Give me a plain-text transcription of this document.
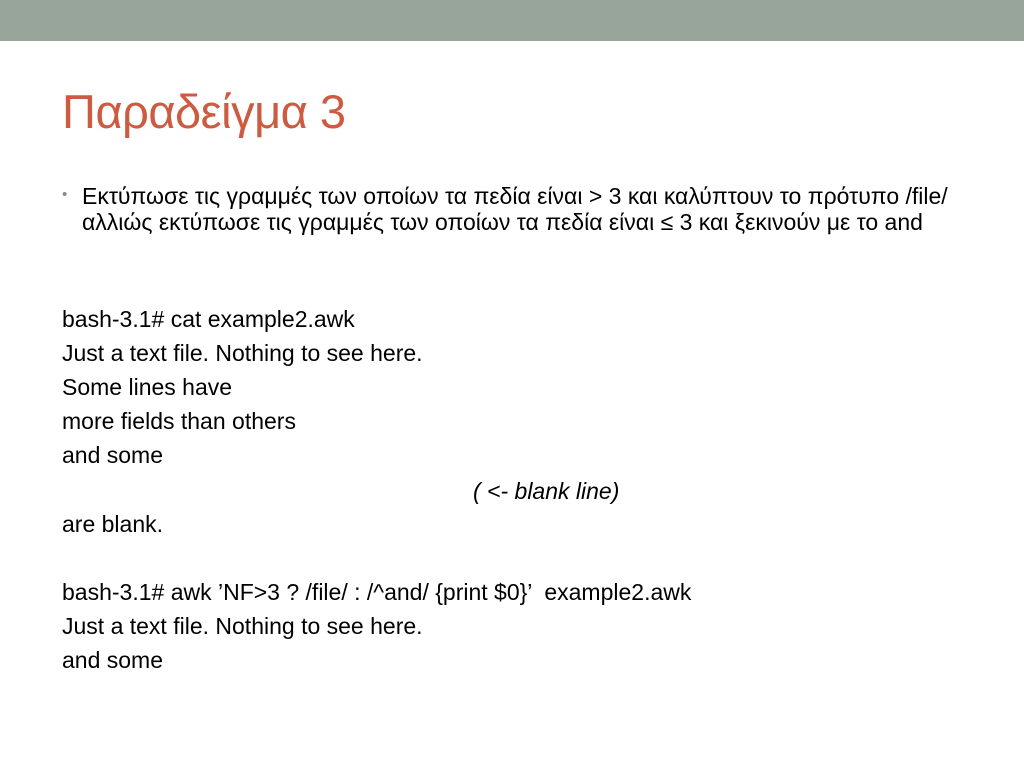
Παραδείγμα 3
• Εκτύπωσε τις γραμμές των οποίων τα πεδία είναι > 3 και καλύπτουν το πρότυπο /file/ αλλιώς εκτύπωσε τις γραμμές των οποίων τα πεδία είναι ≤ 3 και ξεκινούν με το and
bash-3.1# cat example2.awk
Just a text file. Nothing to see here.
Some lines have
more fields than others
and some
( <- blank line)
are blank.
bash-3.1# awk ’NF>3 ? /file/ : /^and/ {print $0}’  example2.awk
Just a text file. Nothing to see here.
and some
